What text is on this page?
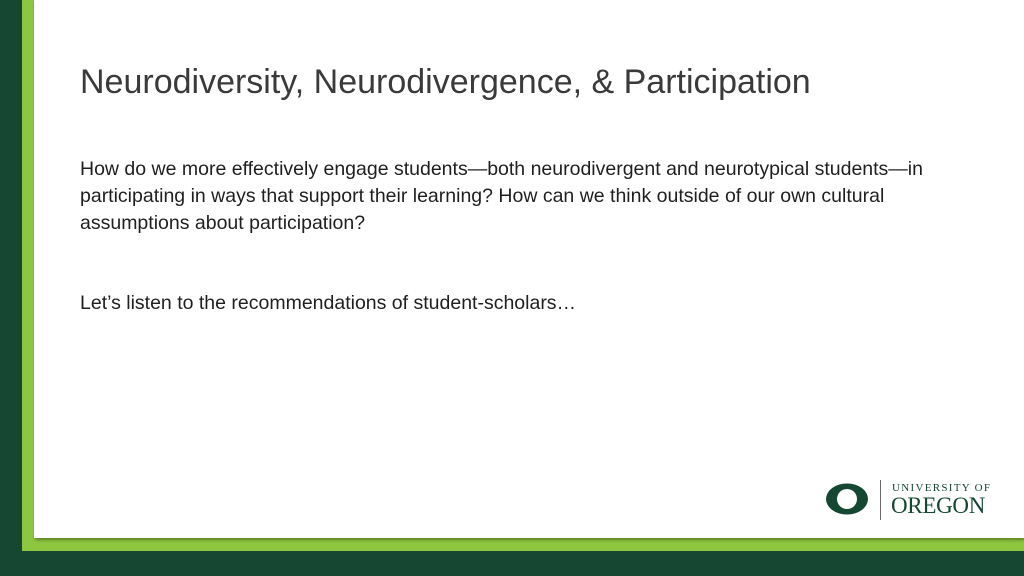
Neurodiversity, Neurodivergence, & Participation

How do we more effectively engage students—both neurodivergent and neurotypical students—in participating in ways that support their learning? How can we think outside of our own cultural assumptions about participation?

Let’s listen to the recommendations of student-scholars…

UNIVERSITY OF
OREGON
